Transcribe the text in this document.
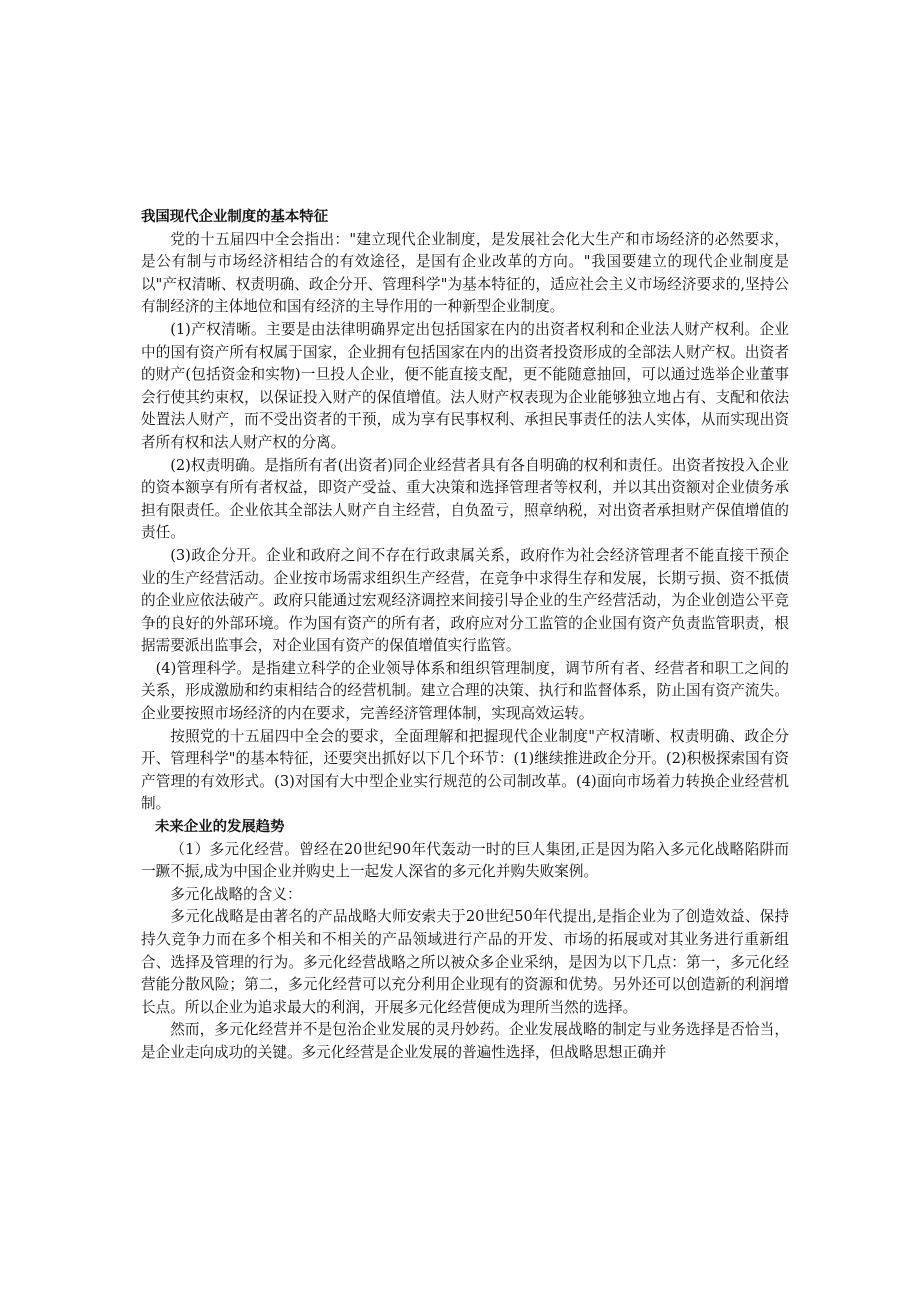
我国现代企业制度的基本特征

党的十五届四中全会指出："建立现代企业制度，是发展社会化大生产和市场经济的必然要求，是公有制与市场经济相结合的有效途径，是国有企业改革的方向。"我国要建立的现代企业制度是以"产权清晰、权责明确、政企分开、管理科学"为基本特征的，适应社会主义市场经济要求的,坚持公有制经济的主体地位和国有经济的主导作用的一种新型企业制度。

(1)产权清晰。主要是由法律明确界定出包括国家在内的出资者权利和企业法人财产权利。企业中的国有资产所有权属于国家，企业拥有包括国家在内的出资者投资形成的全部法人财产权。出资者的财产(包括资金和实物)一旦投人企业，便不能直接支配，更不能随意抽回，可以通过选举企业董事会行使其约束权，以保证投入财产的保值增值。法人财产权表现为企业能够独立地占有、支配和依法处置法人财产，而不受出资者的干预，成为享有民事权利、承担民事责任的法人实体，从而实现出资者所有权和法人财产权的分离。

(2)权责明确。是指所有者(出资者)同企业经营者具有各自明确的权利和责任。出资者按投入企业的资本额享有所有者权益，即资产受益、重大决策和选择管理者等权利，并以其出资额对企业债务承担有限责任。企业依其全部法人财产自主经营，自负盈亏，照章纳税，对出资者承担财产保值增值的责任。

(3)政企分开。企业和政府之间不存在行政隶属关系，政府作为社会经济管理者不能直接干预企业的生产经营活动。企业按市场需求组织生产经营，在竞争中求得生存和发展，长期亏损、资不抵债的企业应依法破产。政府只能通过宏观经济调控来间接引导企业的生产经营活动，为企业创造公平竞争的良好的外部环境。作为国有资产的所有者，政府应对分工监管的企业国有资产负责监管职责，根据需要派出监事会，对企业国有资产的保值增值实行监管。

(4)管理科学。是指建立科学的企业领导体系和组织管理制度，调节所有者、经营者和职工之间的关系，形成激励和约束相结合的经营机制。建立合理的决策、执行和监督体系，防止国有资产流失。企业要按照市场经济的内在要求，完善经济管理体制，实现高效运转。

按照党的十五届四中全会的要求，全面理解和把握现代企业制度"产权清晰、权责明确、政企分开、管理科学"的基本特征，还要突出抓好以下几个环节：(1)继续推进政企分开。(2)积极探索国有资产管理的有效形式。(3)对国有大中型企业实行规范的公司制改革。(4)面向市场着力转换企业经营机制。

未来企业的发展趋势

（1）多元化经营。曾经在20世纪90年代轰动一时的巨人集团,正是因为陷入多元化战略陷阱而一蹶不振,成为中国企业并购史上一起发人深省的多元化并购失败案例。

多元化战略的含义：

多元化战略是由著名的产品战略大师安索夫于20世纪50年代提出,是指企业为了创造效益、保持持久竞争力而在多个相关和不相关的产品领域进行产品的开发、市场的拓展或对其业务进行重新组合、选择及管理的行为。多元化经营战略之所以被众多企业采纳，是因为以下几点：第一，多元化经营能分散风险；第二，多元化经营可以充分利用企业现有的资源和优势。另外还可以创造新的利润增长点。所以企业为追求最大的利润，开展多元化经营便成为理所当然的选择。

然而，多元化经营并不是包治企业发展的灵丹妙药。企业发展战略的制定与业务选择是否恰当，是企业走向成功的关键。多元化经营是企业发展的普遍性选择，但战略思想正确并
